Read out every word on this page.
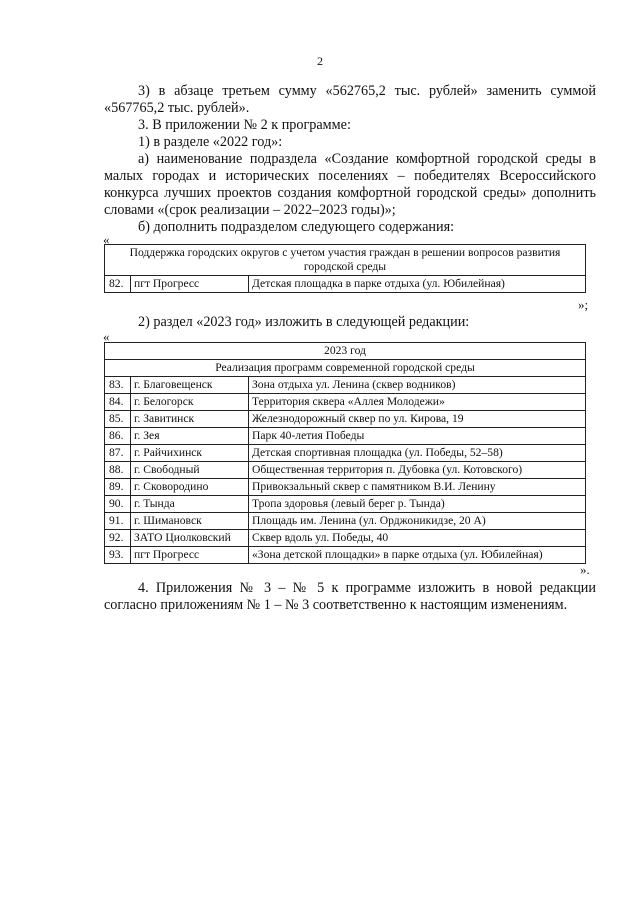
2
3) в абзаце третьем сумму «562765,2 тыс. рублей» заменить суммой
«567765,2 тыс. рублей».
3. В приложении № 2 к программе:
1) в разделе «2022 год»:
а) наименование подраздела «Создание комфортной городской среды в
малых городах и исторических поселениях – победителях Всероссийского
конкурса лучших проектов создания комфортной городской среды» дополнить
словами «(срок реализации – 2022–2023 годы)»;
б) дополнить подразделом следующего содержания:
«
Поддержка городских округов с учетом участия граждан в решении вопросов развития городской среды
82.	пгт Прогресс	Детская площадка в парке отдыха (ул. Юбилейная)
»;
2) раздел «2023 год» изложить в следующей редакции:
«
2023 год		
Реализация программ современной городской среды		
83.	г. Благовещенск	Зона отдыха ул. Ленина (сквер водников)
84.	г. Белогорск	Территория сквера «Аллея Молодежи»
85.	г. Завитинск	Железнодорожный сквер по ул. Кирова, 19
86.	г. Зея	Парк 40-летия Победы
87.	г. Райчихинск	Детская спортивная площадка (ул. Победы, 52–58)
88.	г. Свободный	Общественная территория п. Дубовка (ул. Котовского)
89.	г. Сковородино	Привокзальный сквер с памятником В.И. Ленину
90.	г. Тында	Тропа здоровья (левый берег р. Тында)
91.	г. Шимановск	Площадь им. Ленина (ул. Орджоникидзе, 20 А)
92.	ЗАТО Циолковский	Сквер вдоль ул. Победы, 40
93.	пгт Прогресс	«Зона детской площадки» в парке отдыха (ул. Юбилейная)
».
4. Приложения № 3 – № 5 к программе изложить в новой редакции
согласно приложениям № 1 – № 3 соответственно к настоящим изменениям.
